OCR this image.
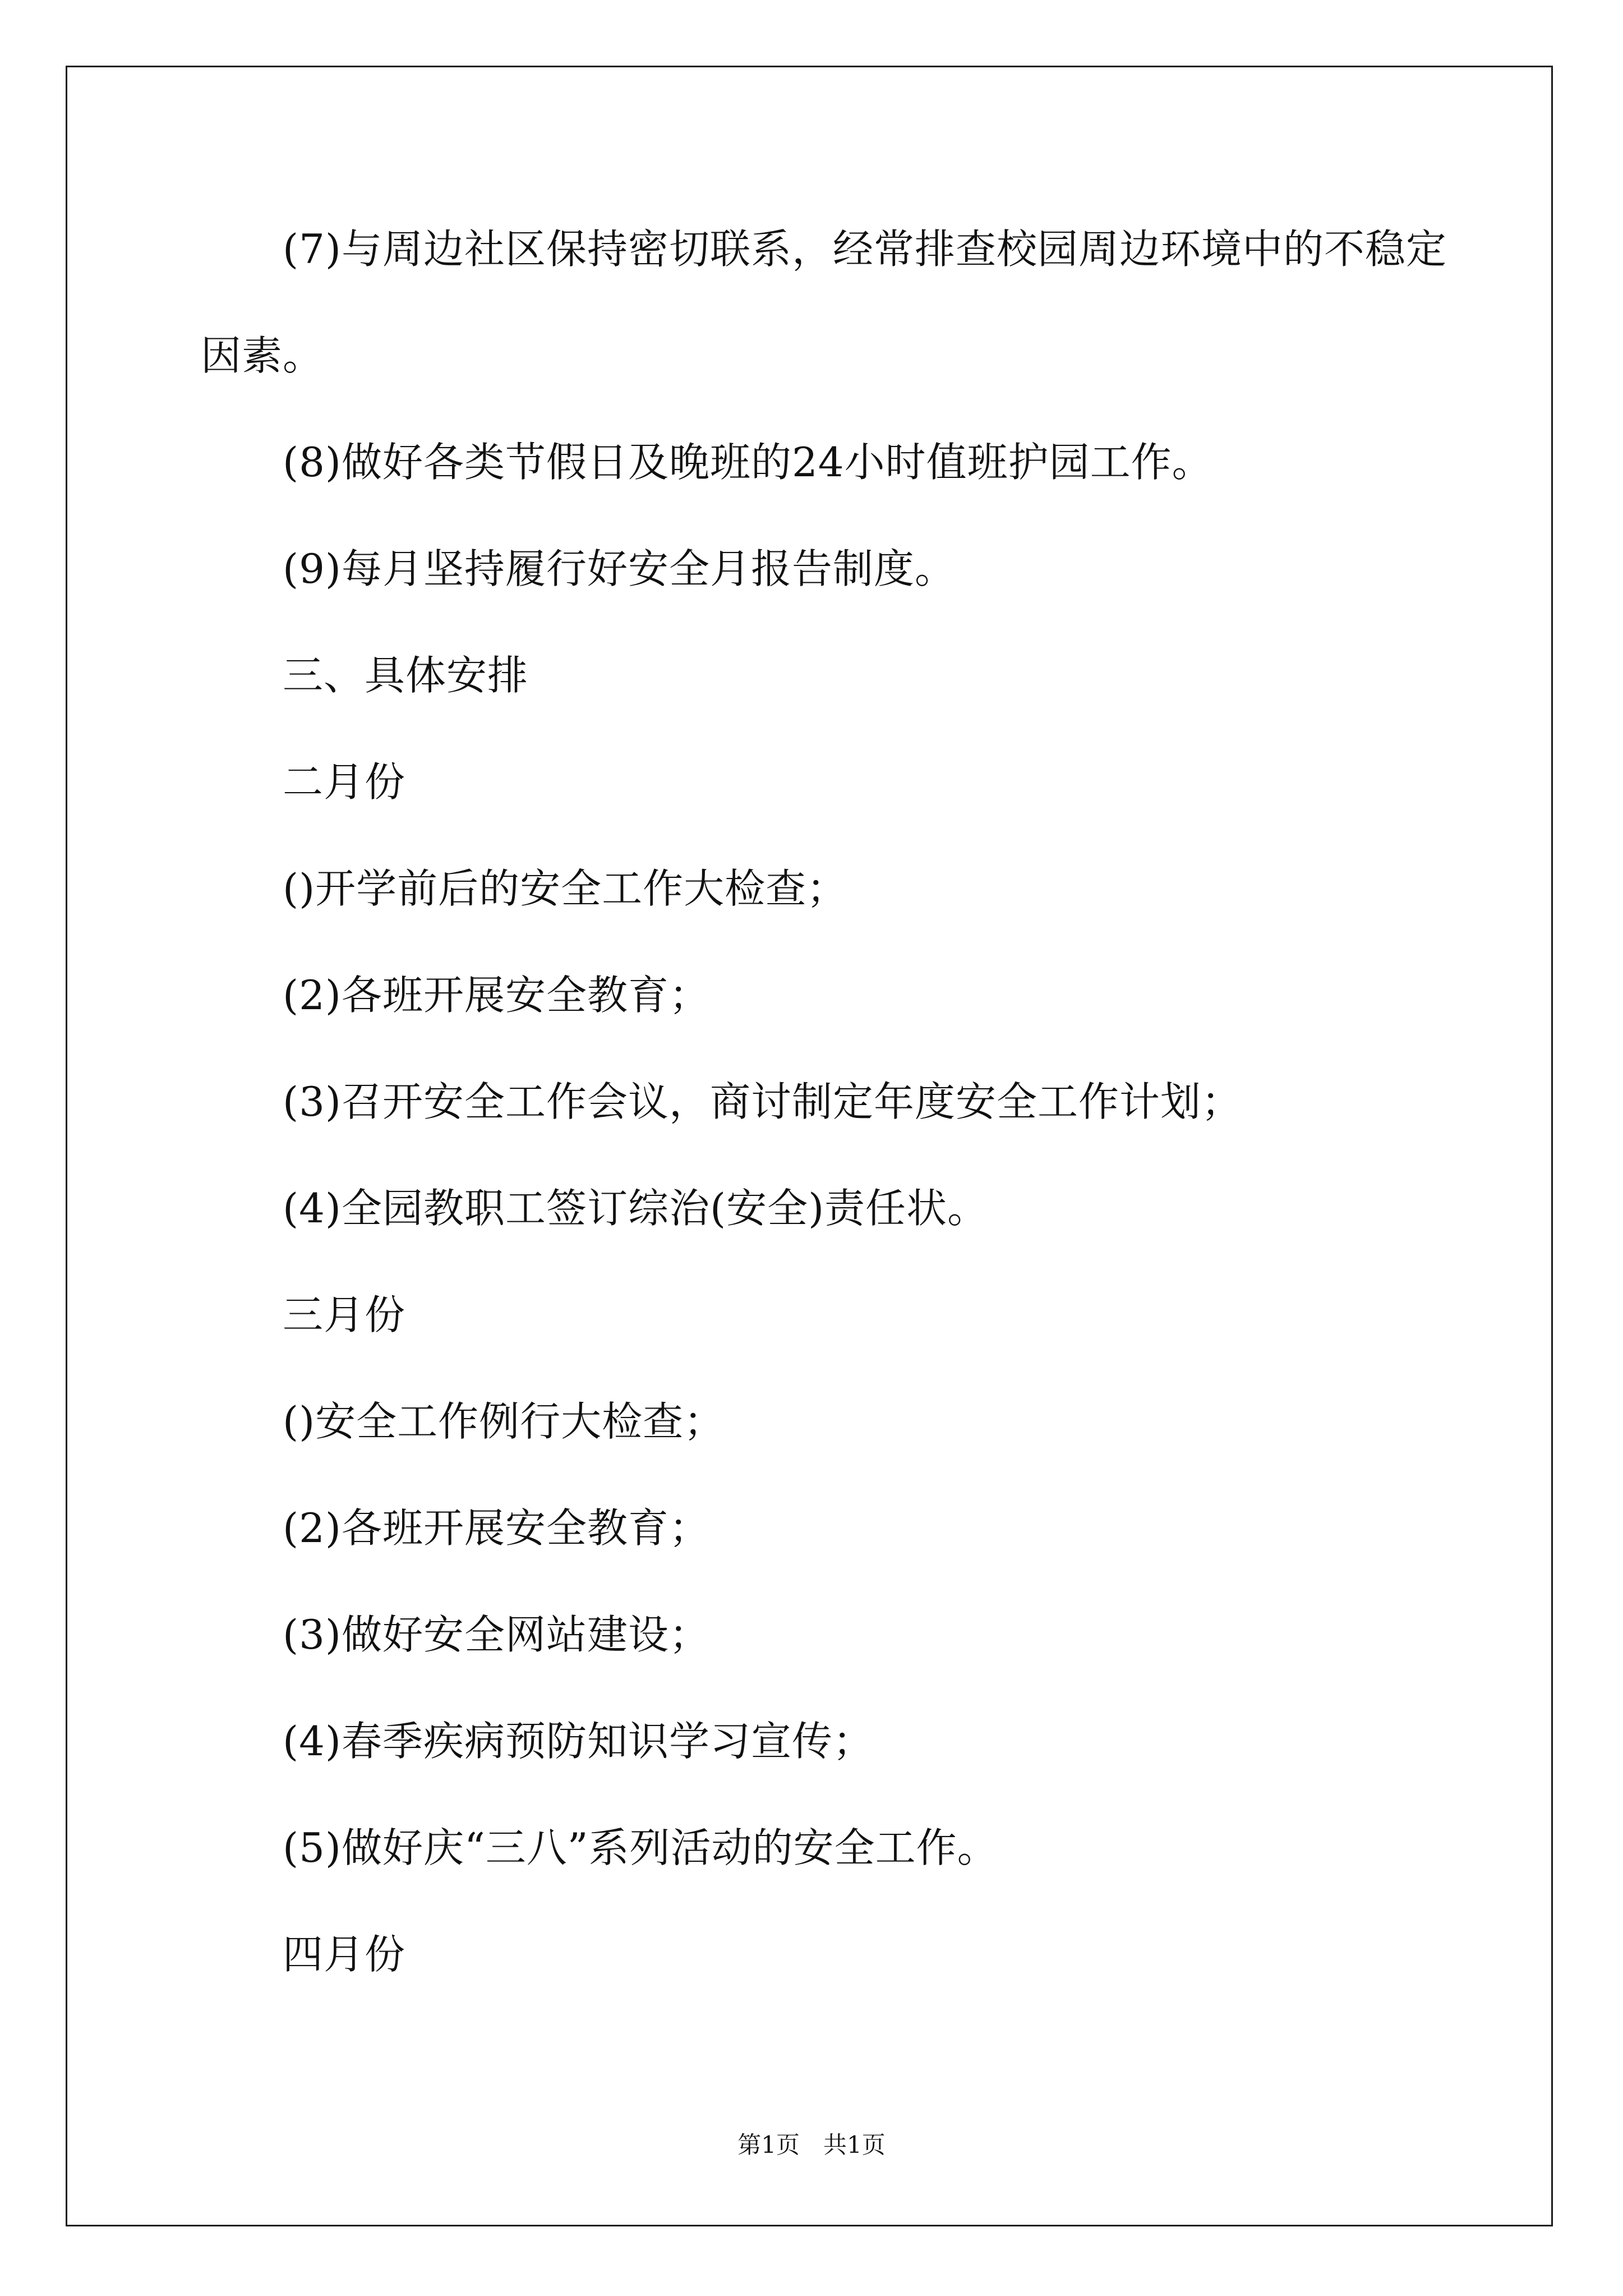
(7)与周边社区保持密切联系，经常排查校园周边环境中的不稳定
因素。
(8)做好各类节假日及晚班的24小时值班护园工作。
(9)每月坚持履行好安全月报告制度。
三、具体安排
二月份
()开学前后的安全工作大检查；
(2)各班开展安全教育；
(3)召开安全工作会议，商讨制定年度安全工作计划；
(4)全园教职工签订综治(安全)责任状。
三月份
()安全工作例行大检查；
(2)各班开展安全教育；
(3)做好安全网站建设；
(4)春季疾病预防知识学习宣传；
(5)做好庆“三八”系列活动的安全工作。
四月份
第1页　共1页
